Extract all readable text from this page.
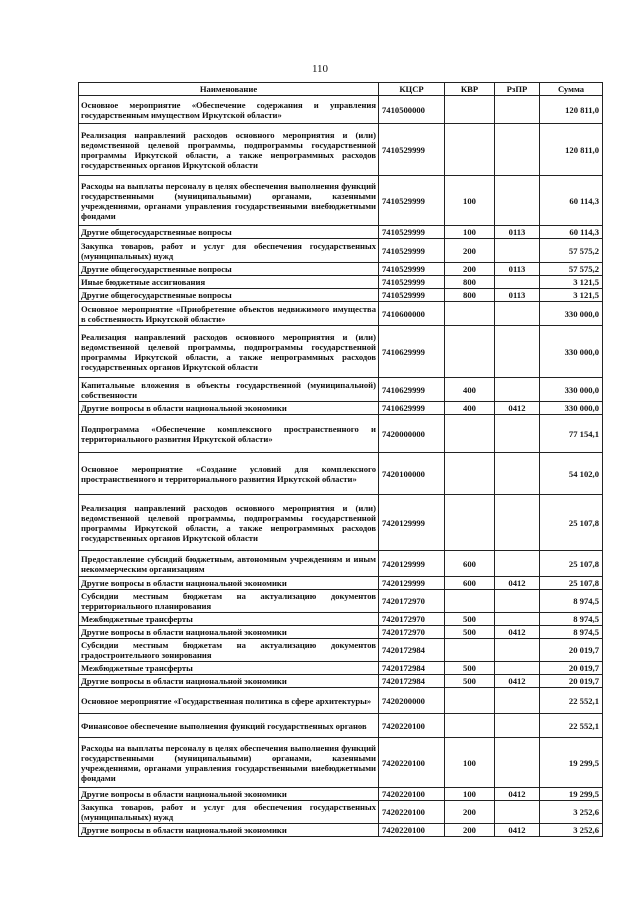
110
Наименование	КЦСР	КВР	РзПР	Сумма
Основное мероприятие «Обеспечение содержания и управления государственным имуществом Иркутской области»	7410500000			120 811,0
Реализация направлений расходов основного мероприятия и (или) ведомственной целевой программы, подпрограммы государственной программы Иркутской области, а также непрограммных расходов государственных органов Иркутской области	7410529999			120 811,0
Расходы на выплаты персоналу в целях обеспечения выполнения функций государственными (муниципальными) органами, казенными учреждениями, органами управления государственными внебюджетными фондами	7410529999	100		60 114,3
Другие общегосударственные вопросы	7410529999	100	0113	60 114,3
Закупка товаров, работ и услуг для обеспечения государственных (муниципальных) нужд	7410529999	200		57 575,2
Другие общегосударственные вопросы	7410529999	200	0113	57 575,2
Иные бюджетные ассигнования	7410529999	800		3 121,5
Другие общегосударственные вопросы	7410529999	800	0113	3 121,5
Основное мероприятие «Приобретение объектов недвижимого имущества в собственность Иркутской области»	7410600000			330 000,0
Реализация направлений расходов основного мероприятия и (или) ведомственной целевой программы, подпрограммы государственной программы Иркутской области, а также непрограммных расходов государственных органов Иркутской области	7410629999			330 000,0
Капитальные вложения в объекты государственной (муниципальной) собственности	7410629999	400		330 000,0
Другие вопросы в области национальной экономики	7410629999	400	0412	330 000,0
Подпрограмма «Обеспечение комплексного пространственного и территориального развития Иркутской области»	7420000000			77 154,1
Основное мероприятие «Создание условий для комплексного пространственного и территориального развития Иркутской области»	7420100000			54 102,0
Реализация направлений расходов основного мероприятия и (или) ведомственной целевой программы, подпрограммы государственной программы Иркутской области, а также непрограммных расходов государственных органов Иркутской области	7420129999			25 107,8
Предоставление субсидий бюджетным, автономным учреждениям и иным некоммерческим организациям	7420129999	600		25 107,8
Другие вопросы в области национальной экономики	7420129999	600	0412	25 107,8
Субсидии местным бюджетам на актуализацию документов территориального планирования	7420172970			8 974,5
Межбюджетные трансферты	7420172970	500		8 974,5
Другие вопросы в области национальной экономики	7420172970	500	0412	8 974,5
Субсидии местным бюджетам на актуализацию документов градостроительного зонирования	7420172984			20 019,7
Межбюджетные трансферты	7420172984	500		20 019,7
Другие вопросы в области национальной экономики	7420172984	500	0412	20 019,7
Основное мероприятие «Государственная политика в сфере архитектуры»	7420200000			22 552,1
Финансовое обеспечение выполнения функций государственных органов	7420220100			22 552,1
Расходы на выплаты персоналу в целях обеспечения выполнения функций государственными (муниципальными) органами, казенными учреждениями, органами управления государственными внебюджетными фондами	7420220100	100		19 299,5
Другие вопросы в области национальной экономики	7420220100	100	0412	19 299,5
Закупка товаров, работ и услуг для обеспечения государственных (муниципальных) нужд	7420220100	200		3 252,6
Другие вопросы в области национальной экономики	7420220100	200	0412	3 252,6
